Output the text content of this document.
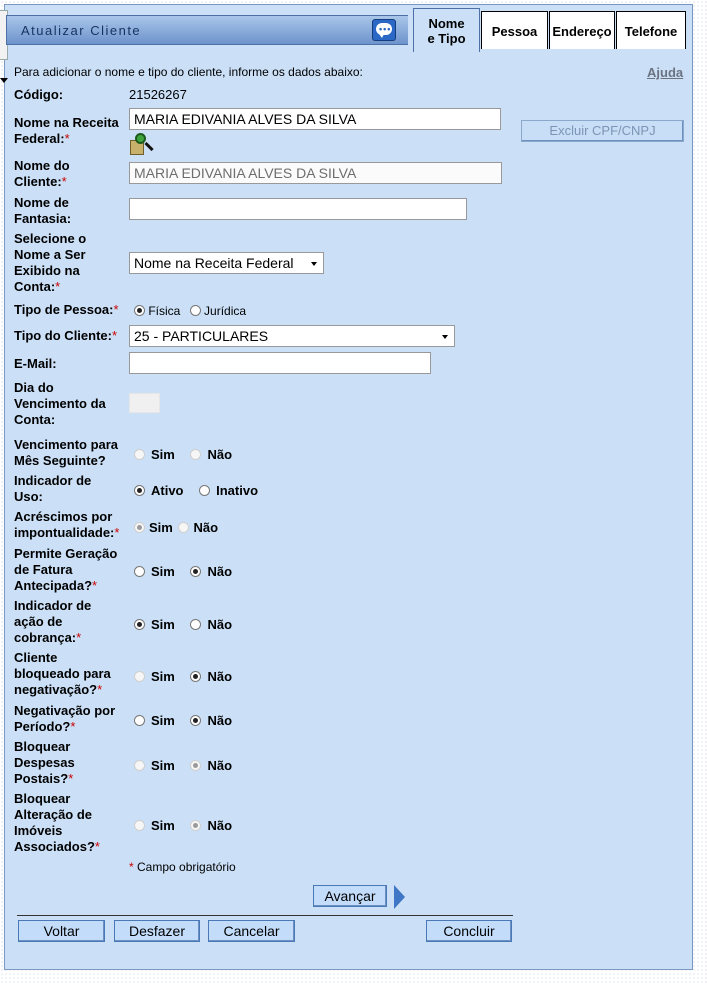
Atualizar Cliente	•••	Nome
e Tipo	Pessoa	Endereço	Telefone
Para adicionar o nome e tipo do cliente, informe os dados abaixo:	Ajuda
Código:	21526267
Nome na Receita
Federal:*
MARIA EDIVANIA ALVES DA SILVA
Excluir CPF/CNPJ
Nome do
Cliente:*
MARIA EDIVANIA ALVES DA SILVA
Nome de
Fantasia:
Selecione o
Nome a Ser
Exibido na
Conta:*
Nome na Receita Federal
Tipo de Pessoa:*	Física Jurídica
Tipo do Cliente:*	25 - PARTICULARES
E-Mail:
Dia do
Vencimento da
Conta:
Vencimento para
Mês Seguinte?	Sim	Não
Indicador de
Uso:	Ativo	Inativo
Acréscimos por
impontualidade:*	Sim Não
Permite Geração
de Fatura
Antecipada?*
Sim	Não
Indicador de
ação de
cobrança:*
Sim	Não
Cliente
bloqueado para
negativação?*
Sim	Não
Negativação por
Período?*	Sim	Não
Bloquear
Despesas
Postais?*
Sim	Não
Bloquear
Alteração de
Imóveis
Associados?*
Sim	Não
* Campo obrigatório
Avançar
Voltar	Desfazer	Cancelar	Concluir
